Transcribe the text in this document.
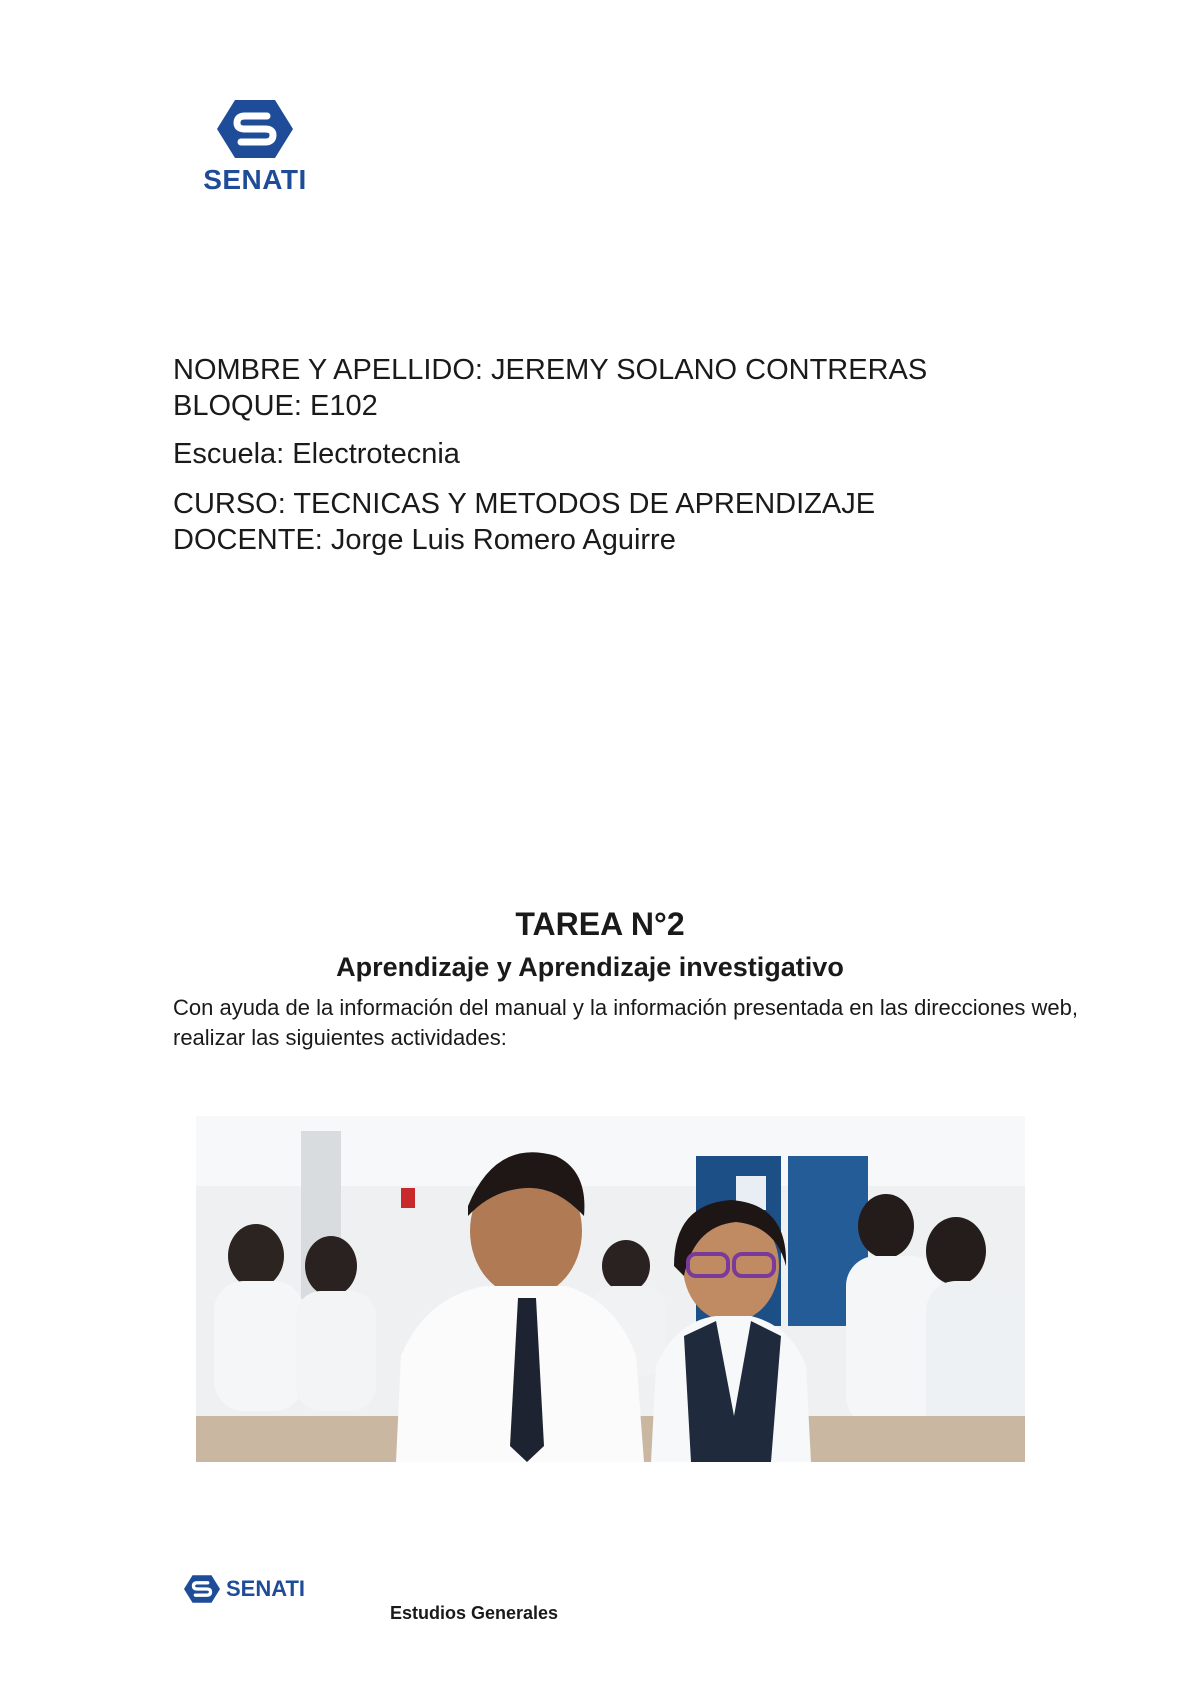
SENATI
NOMBRE Y APELLIDO: JEREMY SOLANO CONTRERAS
BLOQUE: E102
Escuela: Electrotecnia
CURSO: TECNICAS Y METODOS DE APRENDIZAJE
DOCENTE: Jorge Luis Romero Aguirre
TAREA N°2
Aprendizaje y Aprendizaje investigativo
Con ayuda de la información del manual y la información presentada en las direcciones web, realizar las siguientes actividades:
SENATI
Estudios Generales
